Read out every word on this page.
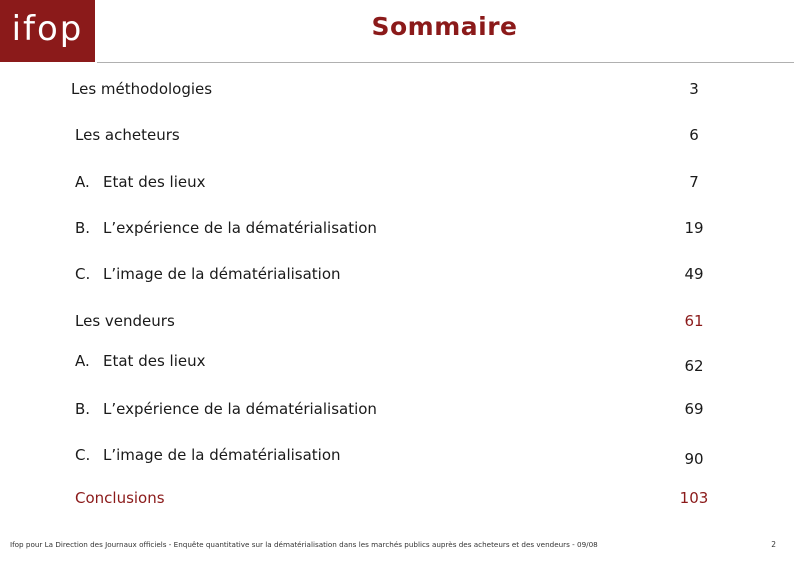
ifop	Sommaire
Les méthodologies	3
Les acheteurs	6
A. Etat des lieux	7
B. L’expérience de la dématérialisation	19
C. L’image de la dématérialisation	49
Les vendeurs	61
A. Etat des lieux	62
B. L’expérience de la dématérialisation	69
C. L’image de la dématérialisation	90
Conclusions	103
Ifop pour La Direction des Journaux officiels - Enquête quantitative sur la dématérialisation dans les marchés publics auprès des acheteurs et des vendeurs - 09/08	2
